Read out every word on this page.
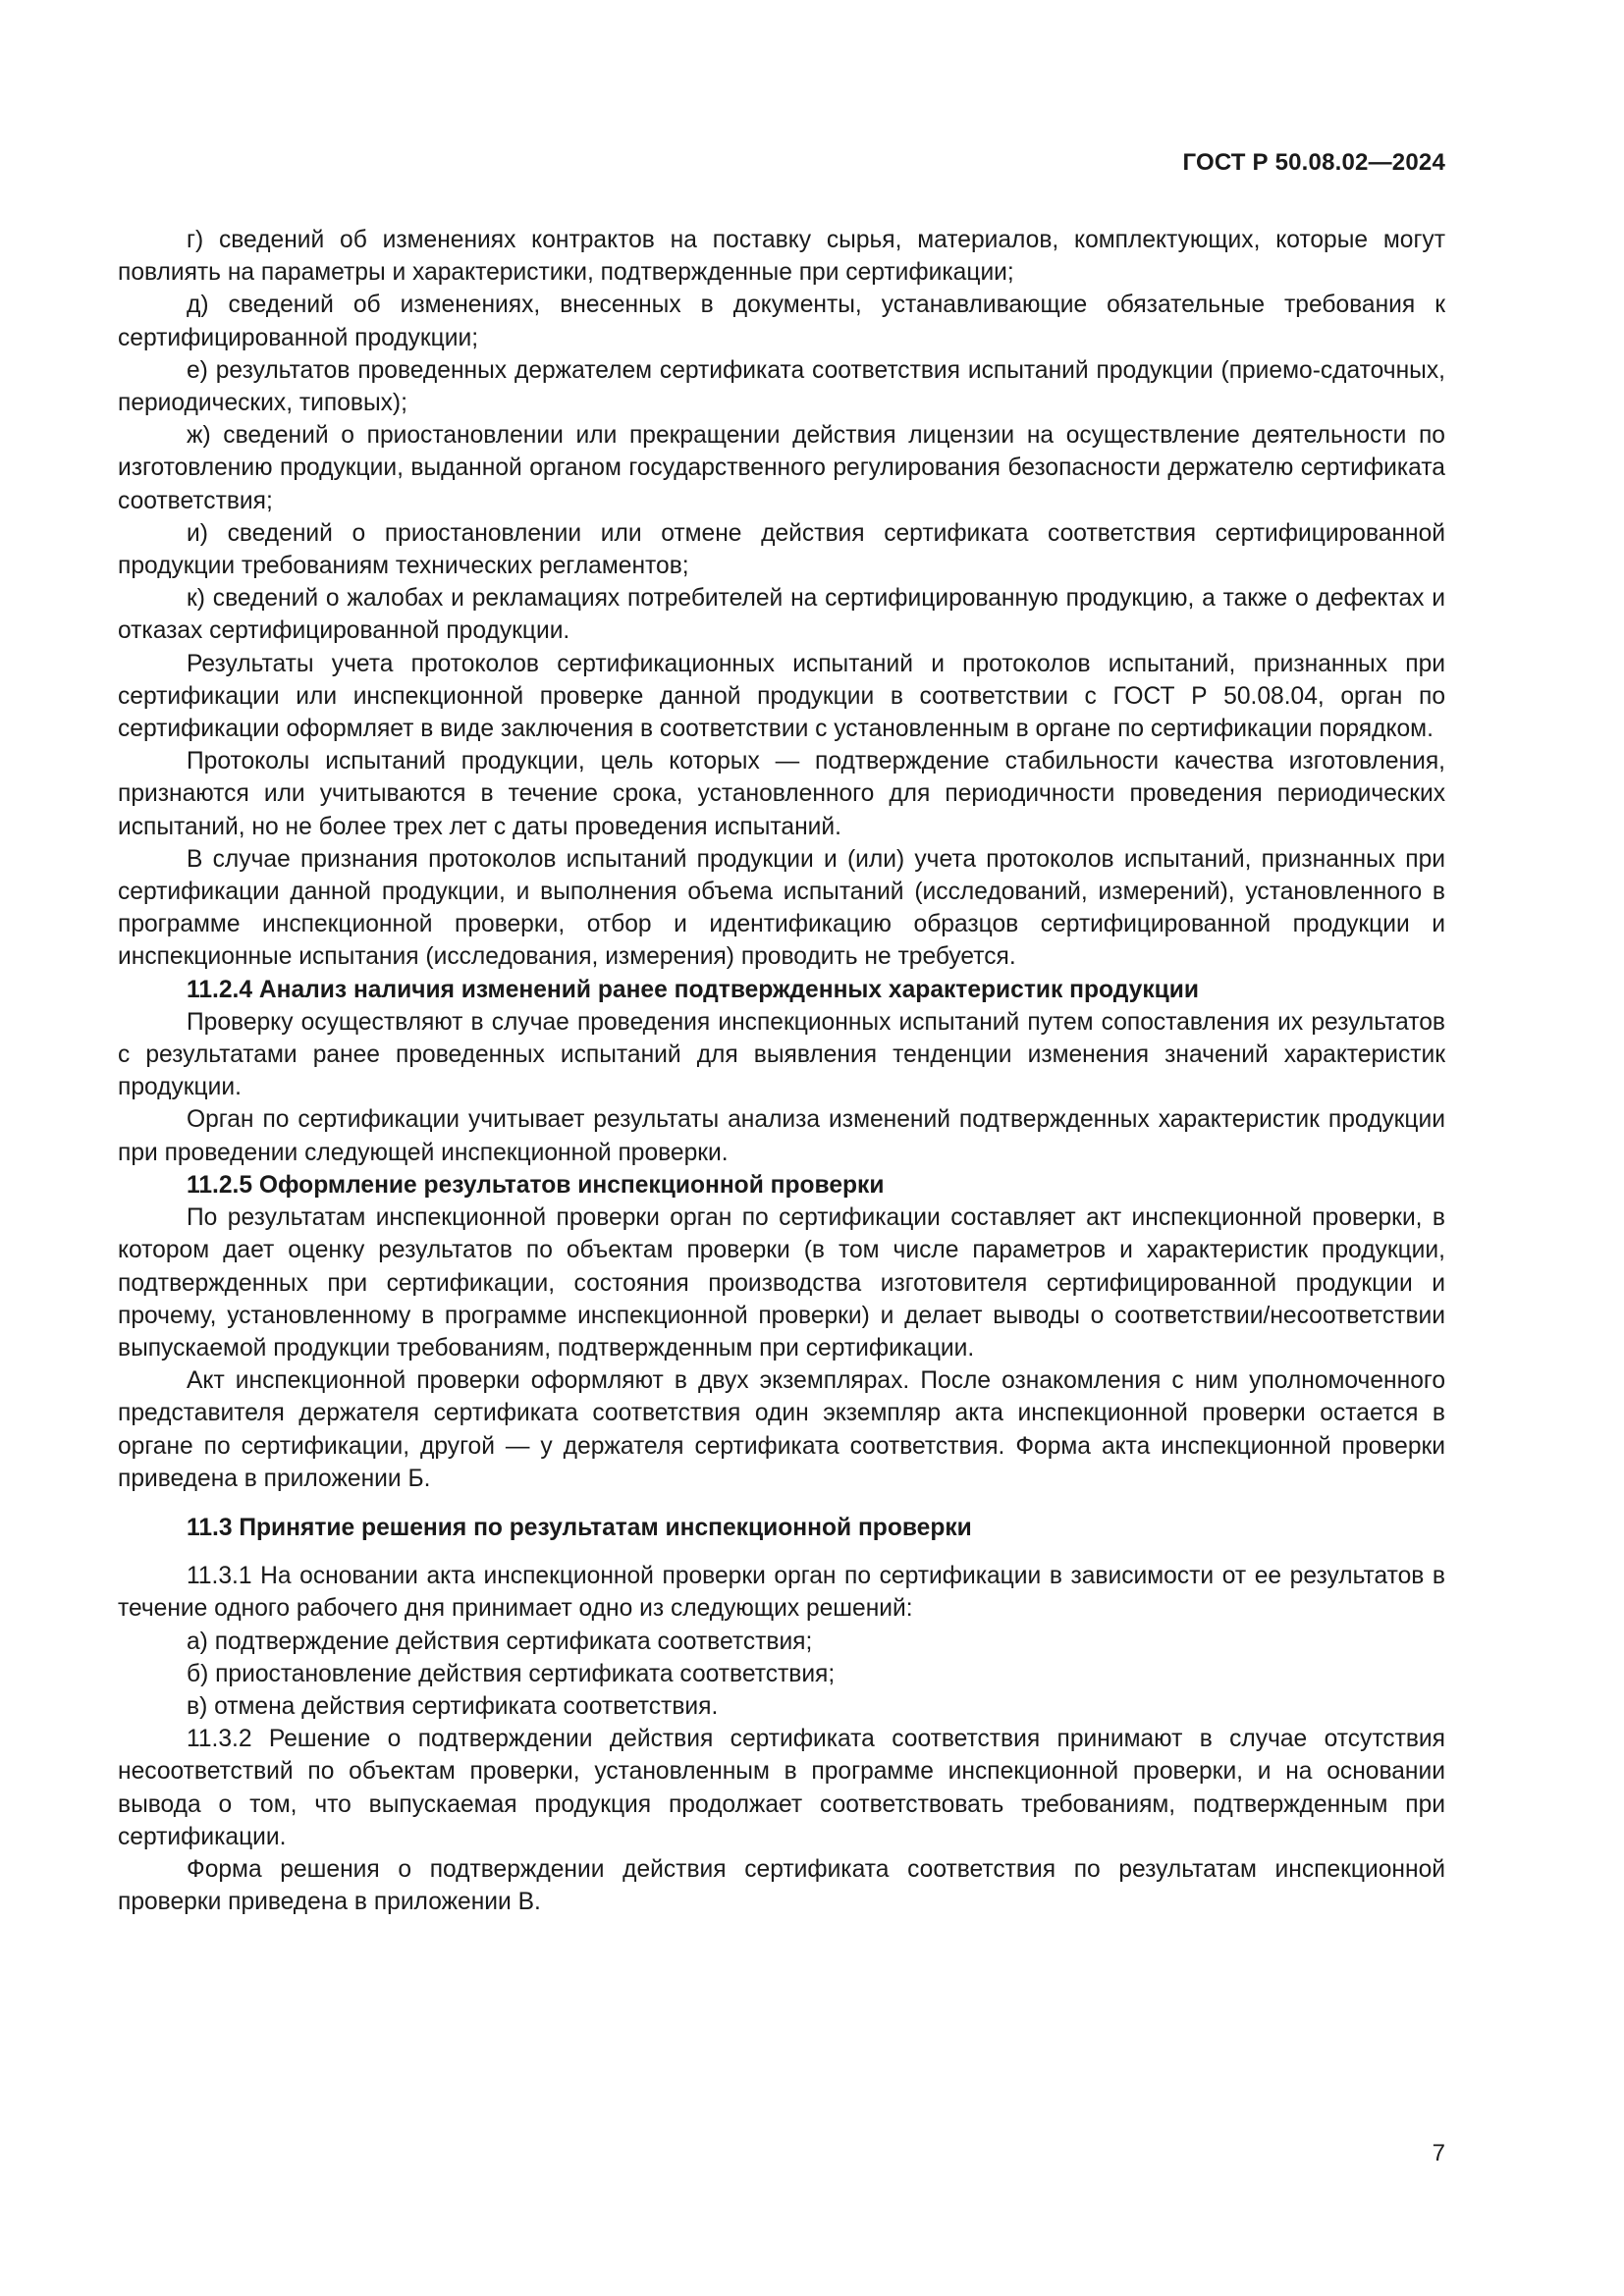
ГОСТ Р 50.08.02—2024

г) сведений об изменениях контрактов на поставку сырья, материалов, комплектующих, которые могут повлиять на параметры и характеристики, подтвержденные при сертификации;

д) сведений об изменениях, внесенных в документы, устанавливающие обязательные требования к сертифицированной продукции;

е) результатов проведенных держателем сертификата соответствия испытаний продукции (приемо-сдаточных, периодических, типовых);

ж) сведений о приостановлении или прекращении действия лицензии на осуществление деятельности по изготовлению продукции, выданной органом государственного регулирования безопасности держателю сертификата соответствия;

и) сведений о приостановлении или отмене действия сертификата соответствия сертифицированной продукции требованиям технических регламентов;

к) сведений о жалобах и рекламациях потребителей на сертифицированную продукцию, а также о дефектах и отказах сертифицированной продукции.

Результаты учета протоколов сертификационных испытаний и протоколов испытаний, признанных при сертификации или инспекционной проверке данной продукции в соответствии с ГОСТ Р 50.08.04, орган по сертификации оформляет в виде заключения в соответствии с установленным в органе по сертификации порядком.

Протоколы испытаний продукции, цель которых — подтверждение стабильности качества изготовления, признаются или учитываются в течение срока, установленного для периодичности проведения периодических испытаний, но не более трех лет с даты проведения испытаний.

В случае признания протоколов испытаний продукции и (или) учета протоколов испытаний, признанных при сертификации данной продукции, и выполнения объема испытаний (исследований, измерений), установленного в программе инспекционной проверки, отбор и идентификацию образцов сертифицированной продукции и инспекционные испытания (исследования, измерения) проводить не требуется.

11.2.4 Анализ наличия изменений ранее подтвержденных характеристик продукции

Проверку осуществляют в случае проведения инспекционных испытаний путем сопоставления их результатов с результатами ранее проведенных испытаний для выявления тенденции изменения значений характеристик продукции.

Орган по сертификации учитывает результаты анализа изменений подтвержденных характеристик продукции при проведении следующей инспекционной проверки.

11.2.5 Оформление результатов инспекционной проверки

По результатам инспекционной проверки орган по сертификации составляет акт инспекционной проверки, в котором дает оценку результатов по объектам проверки (в том числе параметров и характеристик продукции, подтвержденных при сертификации, состояния производства изготовителя сертифицированной продукции и прочему, установленному в программе инспекционной проверки) и делает выводы о соответствии/несоответствии выпускаемой продукции требованиям, подтвержденным при сертификации.

Акт инспекционной проверки оформляют в двух экземплярах. После ознакомления с ним уполномоченного представителя держателя сертификата соответствия один экземпляр акта инспекционной проверки остается в органе по сертификации, другой — у держателя сертификата соответствия. Форма акта инспекционной проверки приведена в приложении Б.

11.3 Принятие решения по результатам инспекционной проверки

11.3.1 На основании акта инспекционной проверки орган по сертификации в зависимости от ее результатов в течение одного рабочего дня принимает одно из следующих решений:

а) подтверждение действия сертификата соответствия;

б) приостановление действия сертификата соответствия;

в) отмена действия сертификата соответствия.

11.3.2 Решение о подтверждении действия сертификата соответствия принимают в случае отсутствия несоответствий по объектам проверки, установленным в программе инспекционной проверки, и на основании вывода о том, что выпускаемая продукция продолжает соответствовать требованиям, подтвержденным при сертификации.

Форма решения о подтверждении действия сертификата соответствия по результатам инспекционной проверки приведена в приложении В.

7
